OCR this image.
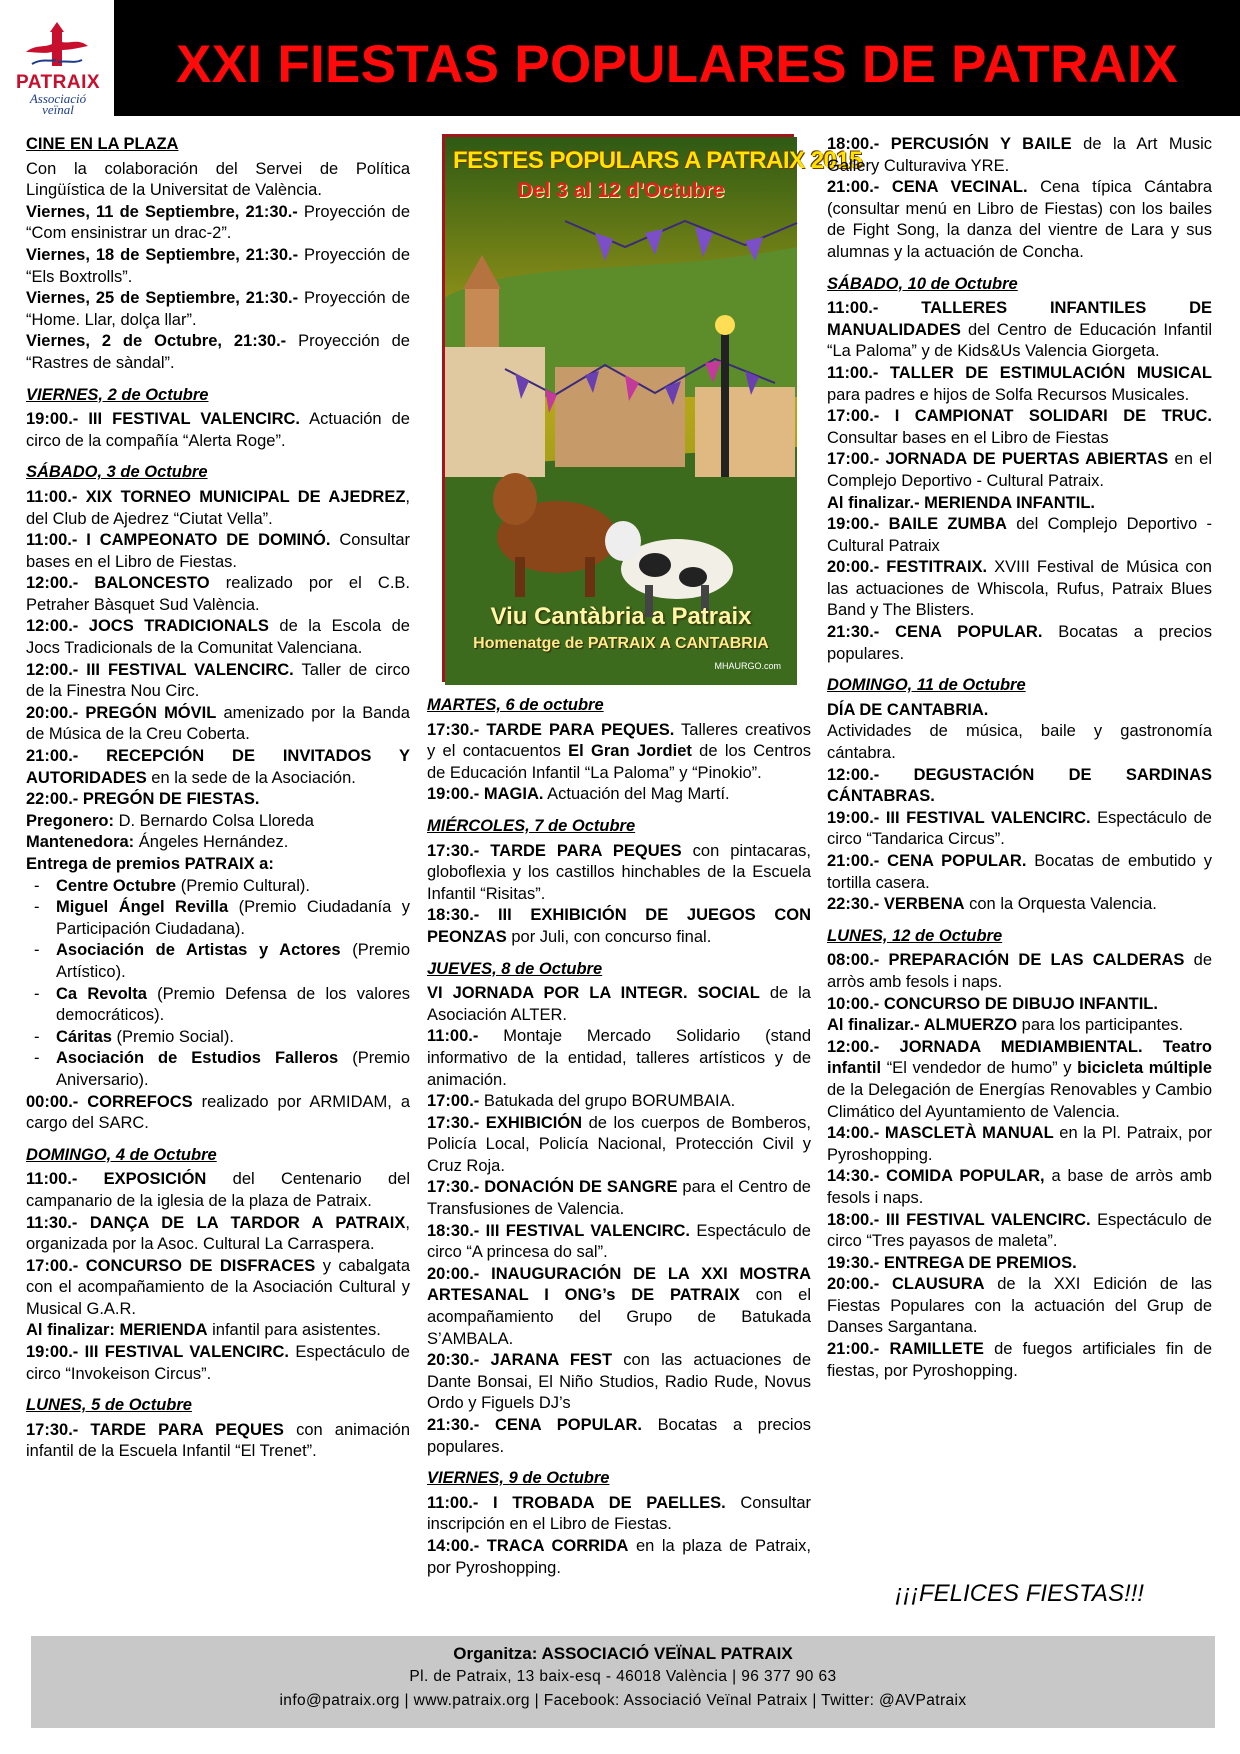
PATRAIX
Associació
veïnal
XXI FIESTAS POPULARES DE PATRAIX
CINE EN LA PLAZA
Con la colaboración del Servei de Política Lingüística de la Universitat de València.
Viernes, 11 de Septiembre, 21:30.- Proyección de “Com ensinistrar un drac-2”.
Viernes, 18 de Septiembre, 21:30.- Proyección de “Els Boxtrolls”.
Viernes, 25 de Septiembre, 21:30.- Proyección de “Home. Llar, dolça llar”.
Viernes, 2 de Octubre, 21:30.- Proyección de “Rastres de sàndal”.
VIERNES, 2 de Octubre
19:00.- III FESTIVAL VALENCIRC. Actuación de circo de la compañía “Alerta Roge”.
SÁBADO, 3 de Octubre
11:00.- XIX TORNEO MUNICIPAL DE AJEDREZ, del Club de Ajedrez “Ciutat Vella”.
11:00.- I CAMPEONATO DE DOMINÓ. Consultar bases en el Libro de Fiestas.
12:00.- BALONCESTO realizado por el C.B. Petraher Bàsquet Sud València.
12:00.- JOCS TRADICIONALS de la Escola de Jocs Tradicionals de la Comunitat Valenciana.
12:00.- III FESTIVAL VALENCIRC. Taller de circo de la Finestra Nou Circ.
20:00.- PREGÓN MÓVIL amenizado por la Banda de Música de la Creu Coberta.
21:00.- RECEPCIÓN DE INVITADOS Y AUTORIDADES en la sede de la Asociación.
22:00.- PREGÓN DE FIESTAS.
Pregonero: D. Bernardo Colsa Lloreda
Mantenedora: Ángeles Hernández.
Entrega de premios PATRAIX a:
-	Centre Octubre (Premio Cultural).
-	Miguel Ángel Revilla (Premio Ciudadanía y Participación Ciudadana).
-	Asociación de Artistas y Actores (Premio Artístico).
-	Ca Revolta (Premio Defensa de los valores democráticos).
-	Cáritas (Premio Social).
-	Asociación de Estudios Falleros (Premio Aniversario).
00:00.- CORREFOCS realizado por ARMIDAM, a cargo del SARC.
DOMINGO, 4 de Octubre
11:00.- EXPOSICIÓN del Centenario del campanario de la iglesia de la plaza de Patraix.
11:30.- DANÇA DE LA TARDOR A PATRAIX, organizada por la Asoc. Cultural La Carraspera.
17:00.- CONCURSO DE DISFRACES y cabalgata con el acompañamiento de la Asociación Cultural y Musical G.A.R.
Al finalizar: MERIENDA infantil para asistentes.
19:00.- III FESTIVAL VALENCIRC. Espectáculo de circo “Invokeison Circus”.
LUNES, 5 de Octubre
17:30.- TARDE PARA PEQUES con animación infantil de la Escuela Infantil “El Trenet”.
FESTES POPULARS A PATRAIX 2015
Del 3 al 12 d'Octubre
Viu Cantàbria a Patraix
Homenatge de PATRAIX A CANTABRIA
MHAURGO.com
MARTES, 6 de octubre
17:30.- TARDE PARA PEQUES. Talleres creativos y el contacuentos El Gran Jordiet de los Centros de Educación Infantil “La Paloma” y “Pinokio”.
19:00.- MAGIA. Actuación del Mag Martí.
MIÉRCOLES, 7 de Octubre
17:30.- TARDE PARA PEQUES con pintacaras, globoflexia y los castillos hinchables de la Escuela Infantil “Risitas”.
18:30.- III EXHIBICIÓN DE JUEGOS CON PEONZAS por Juli, con concurso final.
JUEVES, 8 de Octubre
VI JORNADA POR LA INTEGR. SOCIAL de la Asociación ALTER.
11:00.- Montaje Mercado Solidario (stand informativo de la entidad, talleres artísticos y de animación.
17:00.- Batukada del grupo BORUMBAIA.
17:30.- EXHIBICIÓN de los cuerpos de Bomberos, Policía Local, Policía Nacional, Protección Civil y Cruz Roja.
17:30.- DONACIÓN DE SANGRE para el Centro de Transfusiones de Valencia.
18:30.- III FESTIVAL VALENCIRC. Espectáculo de circo “A princesa do sal”.
20:00.- INAUGURACIÓN DE LA XXI MOSTRA ARTESANAL I ONG’s DE PATRAIX con el acompañamiento del Grupo de Batukada S’AMBALA.
20:30.- JARANA FEST con las actuaciones de Dante Bonsai, El Niño Studios, Radio Rude, Novus Ordo y Figuels DJ’s
21:30.- CENA POPULAR. Bocatas a precios populares.
VIERNES, 9 de Octubre
11:00.- I TROBADA DE PAELLES. Consultar inscripción en el Libro de Fiestas.
14:00.- TRACA CORRIDA en la plaza de Patraix, por Pyroshopping.
18:00.- PERCUSIÓN Y BAILE de la Art Music Gallery Culturaviva YRE.
21:00.- CENA VECINAL. Cena típica Cántabra (consultar menú en Libro de Fiestas) con los bailes de Fight Song, la danza del vientre de Lara y sus alumnas y la actuación de Concha.
SÁBADO, 10 de Octubre
11:00.- TALLERES INFANTILES DE MANUALIDADES del Centro de Educación Infantil “La Paloma” y de Kids&Us Valencia Giorgeta.
11:00.- TALLER DE ESTIMULACIÓN MUSICAL para padres e hijos de Solfa Recursos Musicales.
17:00.- I CAMPIONAT SOLIDARI DE TRUC. Consultar bases en el Libro de Fiestas
17:00.- JORNADA DE PUERTAS ABIERTAS en el Complejo Deportivo - Cultural Patraix.
Al finalizar.- MERIENDA INFANTIL.
19:00.- BAILE ZUMBA del Complejo Deportivo - Cultural Patraix
20:00.- FESTITRAIX. XVIII Festival de Música con las actuaciones de Whiscola, Rufus, Patraix Blues Band y The Blisters.
21:30.- CENA POPULAR. Bocatas a precios populares.
DOMINGO, 11 de Octubre
DÍA DE CANTABRIA.
Actividades de música, baile y gastronomía cántabra.
12:00.- DEGUSTACIÓN DE SARDINAS CÁNTABRAS.
19:00.- III FESTIVAL VALENCIRC. Espectáculo de circo “Tandarica Circus”.
21:00.- CENA POPULAR. Bocatas de embutido y tortilla casera.
22:30.- VERBENA con la Orquesta Valencia.
LUNES, 12 de Octubre
08:00.- PREPARACIÓN DE LAS CALDERAS de arròs amb fesols i naps.
10:00.- CONCURSO DE DIBUJO INFANTIL.
Al finalizar.- ALMUERZO para los participantes.
12:00.- JORNADA MEDIAMBIENTAL. Teatro infantil “El vendedor de humo” y bicicleta múltiple de la Delegación de Energías Renovables y Cambio Climático del Ayuntamiento de Valencia.
14:00.- MASCLETÀ MANUAL en la Pl. Patraix, por Pyroshopping.
14:30.- COMIDA POPULAR, a base de arròs amb fesols i naps.
18:00.- III FESTIVAL VALENCIRC. Espectáculo de circo “Tres payasos de maleta”.
19:30.- ENTREGA DE PREMIOS.
20:00.- CLAUSURA de la XXI Edición de las Fiestas Populares con la actuación del Grup de Danses Sargantana.
21:00.- RAMILLETE de fuegos artificiales fin de fiestas, por Pyroshopping.
¡¡¡FELICES FIESTAS!!!
Organitza: ASSOCIACIÓ VEÏNAL PATRAIX
Pl. de Patraix, 13 baix-esq - 46018 València | 96 377 90 63
info@patraix.org | www.patraix.org | Facebook: Associació Veïnal Patraix | Twitter: @AVPatraix
